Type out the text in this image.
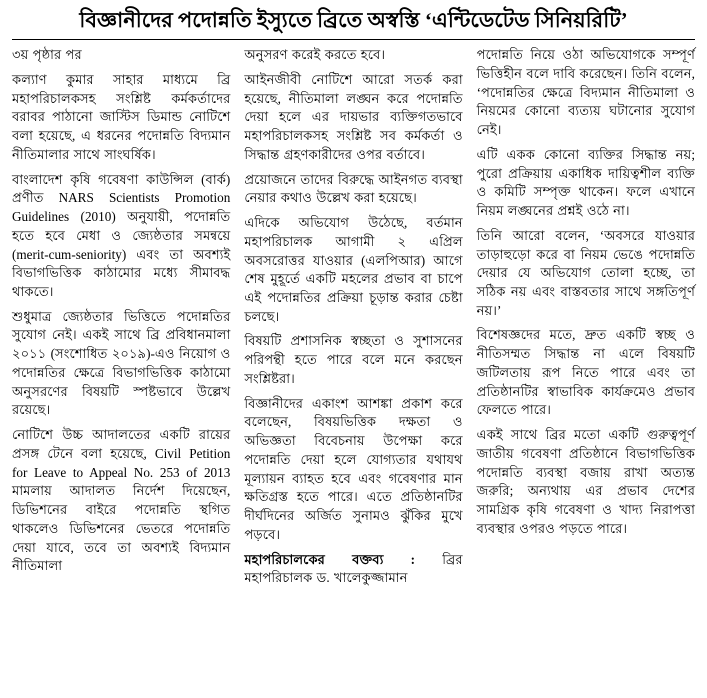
বিজ্ঞানীদের পদোন্নতি ইস্যুতে ব্রিতে অস্বস্তি ‘এন্টিডেটেড সিনিয়রিটি’

৩য় পৃষ্ঠার পর

কল্যাণ কুমার সাহার মাধ্যমে ব্রি মহাপরিচালকসহ সংশ্লিষ্ট কর্মকর্তাদের বরাবর পাঠানো জাস্টিস ডিমান্ড নোটিশে বলা হয়েছে, এ ধরনের পদোন্নতি বিদ্যমান নীতিমালার সাথে সাংঘর্ষিক।

বাংলাদেশ কৃষি গবেষণা কাউন্সিল (বার্ক) প্রণীত NARS Scientists Promotion Guidelines (2010) অনুযায়ী, পদোন্নতি হতে হবে মেধা ও জ্যেষ্ঠতার সমন্বয়ে (merit-cum-seniority) এবং তা অবশ্যই বিভাগভিত্তিক কাঠামোর মধ্যে সীমাবদ্ধ থাকতে।

শুধুমাত্র জ্যেষ্ঠতার ভিত্তিতে পদোন্নতির সুযোগ নেই। একই সাথে ব্রি প্রবিধানমালা ২০১১ (সংশোধিত ২০১৯)-এও নিয়োগ ও পদোন্নতির ক্ষেত্রে বিভাগভিত্তিক কাঠামো অনুসরণের বিষয়টি স্পষ্টভাবে উল্লেখ রয়েছে।

নোটিশে উচ্চ আদালতের একটি রায়ের প্রসঙ্গ টেনে বলা হয়েছে, Civil Petition for Leave to Appeal No. 253 of 2013 মামলায় আদালত নির্দেশ দিয়েছেন, ডিভিশনের বাইরে পদোন্নতি স্থগিত থাকলেও ডিভিশনের ভেতরে পদোন্নতি দেয়া যাবে, তবে তা অবশ্যই বিদ্যমান নীতিমালা

অনুসরণ করেই করতে হবে।

আইনজীবী নোটিশে আরো সতর্ক করা হয়েছে, নীতিমালা লঙ্ঘন করে পদোন্নতি দেয়া হলে এর দায়ভার ব্যক্তিগতভাবে মহাপরিচালকসহ সংশ্লিষ্ট সব কর্মকর্তা ও সিদ্ধান্ত গ্রহণকারীদের ওপর বর্তাবে।

প্রয়োজনে তাদের বিরুদ্ধে আইনগত ব্যবস্থা নেয়ার কথাও উল্লেখ করা হয়েছে।

এদিকে অভিযোগ উঠেছে, বর্তমান মহাপরিচালক আগামী ২ এপ্রিল অবসরোত্তর যাওয়ার (এলপিআর) আগে শেষ মুহূর্তে একটি মহলের প্রভাব বা চাপে এই পদোন্নতির প্রক্রিয়া চূড়ান্ত করার চেষ্টা চলছে।

বিষয়টি প্রশাসনিক স্বচ্ছতা ও সুশাসনের পরিপন্থী হতে পারে বলে মনে করছেন সংশ্লিষ্টরা।

বিজ্ঞানীদের একাংশ আশঙ্কা প্রকাশ করে বলেছেন, বিষয়ভিত্তিক দক্ষতা ও অভিজ্ঞতা বিবেচনায় উপেক্ষা করে পদোন্নতি দেয়া হলে যোগ্যতার যথাযথ মূল্যায়ন ব্যাহত হবে এবং গবেষণার মান ক্ষতিগ্রস্ত হতে পারে। এতে প্রতিষ্ঠানটির দীর্ঘদিনের অর্জিত সুনামও ঝুঁকির মুখে পড়বে।

মহাপরিচালকের বক্তব্য : ব্রির মহাপরিচালক ড. খালেকুজ্জামান

পদোন্নতি নিয়ে ওঠা অভিযোগকে সম্পূর্ণ ভিত্তিহীন বলে দাবি করেছেন। তিনি বলেন, ‘পদোন্নতির ক্ষেত্রে বিদ্যমান নীতিমালা ও নিয়মের কোনো ব্যত্যয় ঘটানোর সুযোগ নেই।

এটি একক কোনো ব্যক্তির সিদ্ধান্ত নয়; পুরো প্রক্রিয়ায় একাধিক দায়িত্বশীল ব্যক্তি ও কমিটি সম্পৃক্ত থাকেন। ফলে এখানে নিয়ম লঙ্ঘনের প্রশ্নই ওঠে না।

তিনি আরো বলেন, ‘অবসরে যাওয়ার তাড়াহুড়ো করে বা নিয়ম ভেঙে পদোন্নতি দেয়ার যে অভিযোগ তোলা হচ্ছে, তা সঠিক নয় এবং বাস্তবতার সাথে সঙ্গতিপূর্ণ নয়।’

বিশেষজ্ঞদের মতে, দ্রুত একটি স্বচ্ছ ও নীতিসম্মত সিদ্ধান্ত না এলে বিষয়টি জটিলতায় রূপ নিতে পারে এবং তা প্রতিষ্ঠানটির স্বাভাবিক কার্যক্রমেও প্রভাব ফেলতে পারে।

একই সাথে ব্রির মতো একটি গুরুত্বপূর্ণ জাতীয় গবেষণা প্রতিষ্ঠানে বিভাগভিত্তিক পদোন্নতি ব্যবস্থা বজায় রাখা অত্যন্ত জরুরি; অন্যথায় এর প্রভাব দেশের সামগ্রিক কৃষি গবেষণা ও খাদ্য নিরাপত্তা ব্যবস্থার ওপরও পড়তে পারে।
